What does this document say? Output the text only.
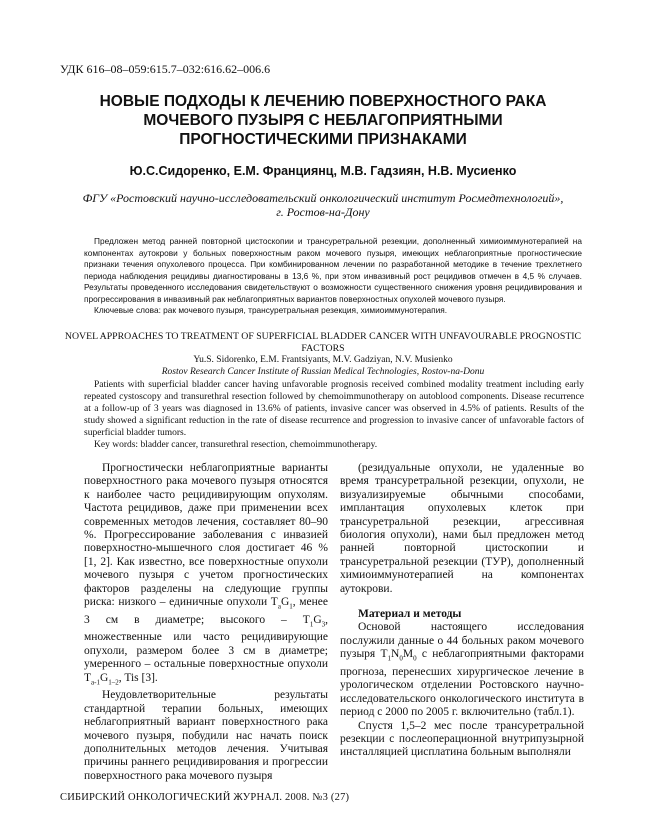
УДК 616–08–059:615.7–032:616.62–006.6
НОВЫЕ ПОДХОДЫ К ЛЕЧЕНИЮ ПОВЕРХНОСТНОГО РАКА МОЧЕВОГО ПУЗЫРЯ С НЕБЛАГОПРИЯТНЫМИ ПРОГНОСТИЧЕСКИМИ ПРИЗНАКАМИ
Ю.С.Сидоренко, Е.М. Франциянц, М.В. Гадзиян, Н.В. Мусиенко
ФГУ «Ростовский научно-исследовательский онкологический институт Росмедтехнологий»,
г. Ростов-на-Дону

Предложен метод ранней повторной цистоскопии и трансуретральной резекции, дополненный химиоиммунотерапией на компонентах аутокрови у больных поверхностным раком мочевого пузыря, имеющих неблагоприятные прогностические признаки течения опухолевого процесса. При комбинированном лечении по разработанной методике в течение трехлетнего периода наблюдения рецидивы диагностированы в 13,6 %, при этом инвазивный рост рецидивов отмечен в 4,5 % случаев. Результаты проведенного исследования свидетельствуют о возможности существенного снижения уровня рецидивирования и прогрессирования в инвазивный рак неблагоприятных вариантов поверхностных опухолей мочевого пузыря.

Ключевые слова: рак мочевого пузыря, трансуретральная резекция, химиоиммунотерапия.

NOVEL APPROACHES TO TREATMENT OF SUPERFICIAL BLADDER CANCER WITH UNFAVOURABLE PROGNOSTIC FACTORS
Yu.S. Sidorenko, E.M. Frantsiyants, M.V. Gadziyan, N.V. Musienko
Rostov Research Cancer Institute of Russian Medical Technologies, Rostov-na-Donu

Patients with superficial bladder cancer having unfavorable prognosis received combined modality treatment including early repeated cystoscopy and transurethral resection followed by chemoimmunotherapy on autoblood components. Disease recurrence at a follow-up of 3 years was diagnosed in 13.6% of patients, invasive cancer was observed in 4.5% of patients. Results of the study showed a significant reduction in the rate of disease recurrence and progression to invasive cancer of unfavorable factors of superficial bladder tumors.

Key words: bladder cancer, transurethral resection, chemoimmunotherapy.

Прогностически неблагоприятные варианты поверхностного рака мочевого пузыря относятся к наиболее часто рецидивирующим опухолям. Частота рецидивов, даже при применении всех современных методов лечения, составляет 80–90 %. Прогрессирование заболевания с инвазией поверхностно-мышечного слоя достигает 46 % [1, 2]. Как известно, все поверхностные опухоли мочевого пузыря с учетом прогностических факторов разделены на следующие группы риска: низкого – единичные опухоли $T_aG_1$, менее 3 см в диаметре; высокого – $T_1G_3$, множественные или часто рецидивирующие опухоли, размером более 3 см в диаметре; умеренного – остальные поверхностные опухоли $T_{a-1}G_{1-2}$, Tis [3].

Неудовлетворительные результаты стандартной терапии больных, имеющих неблагоприятный вариант поверхностного рака мочевого пузыря, побудили нас начать поиск дополнительных методов лечения. Учитывая причины раннего рецидивирования и прогрессии поверхностного рака мочевого пузыря

(резидуальные опухоли, не удаленные во время трансуретральной резекции, опухоли, не визуализируемые обычными способами, имплантация опухолевых клеток при трансуретральной резекции, агрессивная биология опухоли), нами был предложен метод ранней повторной цистоскопии и трансуретральной резекции (ТУР), дополненный химиоиммунотерапией на компонентах аутокрови.

Материал и методы

Основой настоящего исследования послужили данные о 44 больных раком мочевого пузыря $T_1N_0M_0$ с неблагоприятными факторами прогноза, перенесших хирургическое лечение в урологическом отделении Ростовского научно-исследовательского онкологического института в период с 2000 по 2005 г. включительно (табл.1).

Спустя 1,5–2 мес после трансуретральной резекции с послеоперационной внутрипузырной инсталляцией цисплатина больным выполняли

СИБИРСКИЙ ОНКОЛОГИЧЕСКИЙ ЖУРНАЛ. 2008. №3 (27)
